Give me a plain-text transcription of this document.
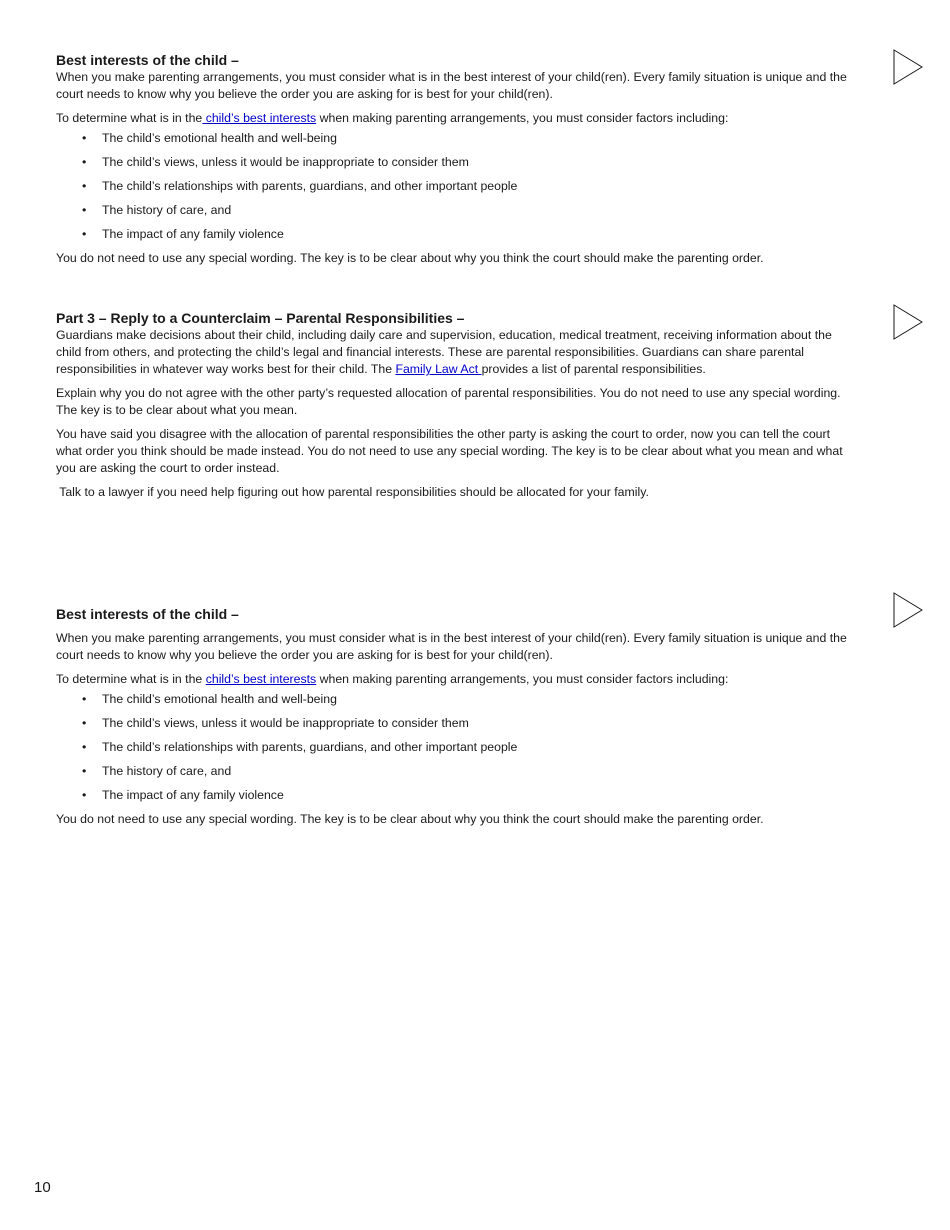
Best interests of the child –

When you make parenting arrangements, you must consider what is in the best interest of your child(ren). Every family situation is unique and the court needs to know why you believe the order you are asking for is best for your child(ren).

To determine what is in the child’s best interests when making parenting arrangements, you must consider factors including:

• The child’s emotional health and well-being
• The child’s views, unless it would be inappropriate to consider them
• The child’s relationships with parents, guardians, and other important people
• The history of care, and
• The impact of any family violence

You do not need to use any special wording. The key is to be clear about why you think the court should make the parenting order.

Part 3 – Reply to a Counterclaim – Parental Responsibilities –

Guardians make decisions about their child, including daily care and supervision, education, medical treatment, receiving information about the child from others, and protecting the child’s legal and financial interests. These are parental responsibilities. Guardians can share parental responsibilities in whatever way works best for their child. The Family Law Act provides a list of parental responsibilities.

Explain why you do not agree with the other party’s requested allocation of parental responsibilities. You do not need to use any special wording. The key is to be clear about what you mean.

You have said you disagree with the allocation of parental responsibilities the other party is asking the court to order, now you can tell the court what order you think should be made instead. You do not need to use any special wording. The key is to be clear about what you mean and what you are asking the court to order instead.

Talk to a lawyer if you need help figuring out how parental responsibilities should be allocated for your family.

Best interests of the child –

When you make parenting arrangements, you must consider what is in the best interest of your child(ren). Every family situation is unique and the court needs to know why you believe the order you are asking for is best for your child(ren).

To determine what is in the child’s best interests when making parenting arrangements, you must consider factors including:

• The child’s emotional health and well-being
• The child’s views, unless it would be inappropriate to consider them
• The child’s relationships with parents, guardians, and other important people
• The history of care, and
• The impact of any family violence

You do not need to use any special wording. The key is to be clear about why you think the court should make the parenting order.

10
